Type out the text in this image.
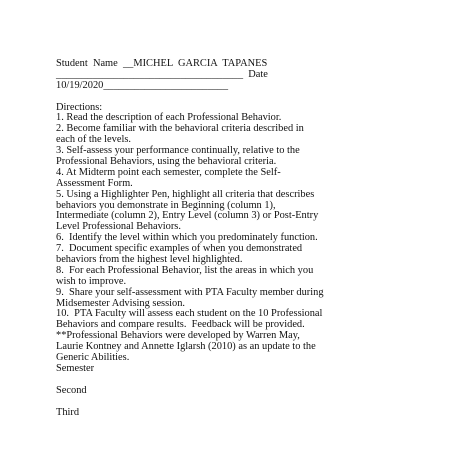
Student  Name  __MICHEL  GARCIA  TAPANES
____________________________________  Date
10/19/2020________________________
Directions:
1. Read the description of each Professional Behavior.
2. Become familiar with the behavioral criteria described in
each of the levels.
3. Self-assess your performance continually, relative to the
Professional Behaviors, using the behavioral criteria.
4. At Midterm point each semester, complete the Self-
Assessment Form.
5. Using a Highlighter Pen, highlight all criteria that describes
behaviors you demonstrate in Beginning (column 1),
Intermediate (column 2), Entry Level (column 3) or Post-Entry
Level Professional Behaviors.
6.  Identify the level within which you predominately function.
7.  Document specific examples of when you demonstrated
behaviors from the highest level highlighted.
8.  For each Professional Behavior, list the areas in which you
wish to improve.
9.  Share your self-assessment with PTA Faculty member during
Midsemester Advising session.
10.  PTA Faculty will assess each student on the 10 Professional
Behaviors and compare results.  Feedback will be provided.
**Professional Behaviors were developed by Warren May,
Laurie Kontney and Annette Iglarsh (2010) as an update to the
Generic Abilities.
Semester
Second
Third
